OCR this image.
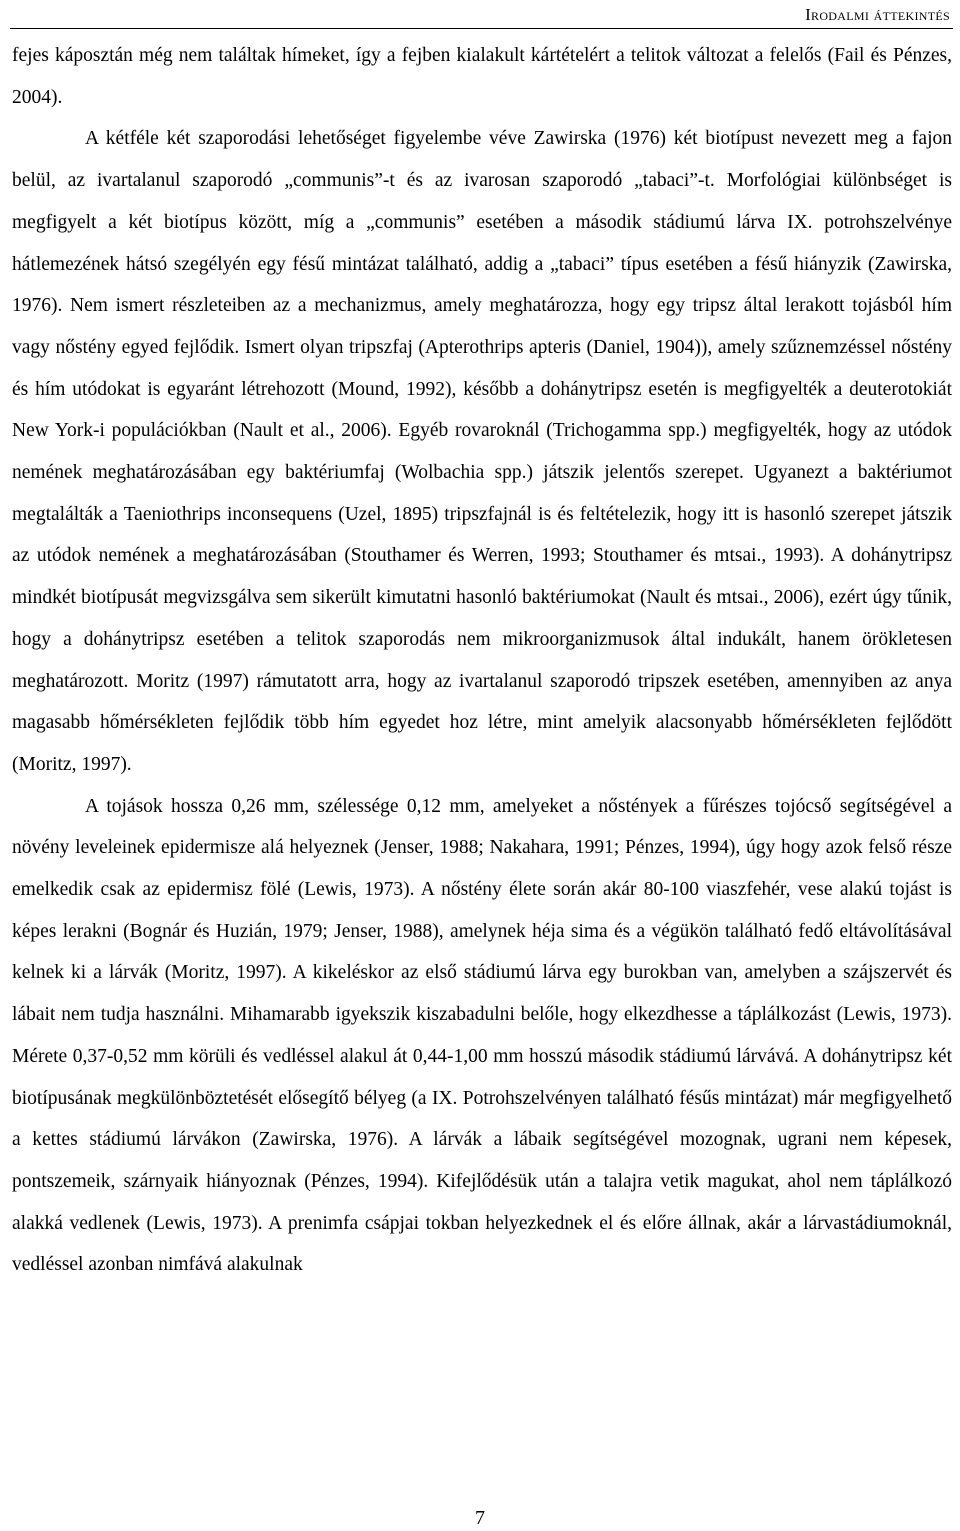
Irodalmi áttekintés

fejes káposztán még nem találtak hímeket, így a fejben kialakult kártételért a telitok változat a felelős (Fail és Pénzes, 2004).

A kétféle két szaporodási lehetőséget figyelembe véve Zawirska (1976) két biotípust nevezett meg a fajon belül, az ivartalanul szaporodó „communis”-t és az ivarosan szaporodó „tabaci”-t. Morfológiai különbséget is megfigyelt a két biotípus között, míg a „communis” esetében a második stádiumú lárva IX. potrohszelvénye hátlemezének hátsó szegélyén egy fésű mintázat található, addig a „tabaci” típus esetében a fésű hiányzik (Zawirska, 1976). Nem ismert részleteiben az a mechanizmus, amely meghatározza, hogy egy tripsz által lerakott tojásból hím vagy nőstény egyed fejlődik. Ismert olyan tripszfaj (Apterothrips apteris (Daniel, 1904)), amely szűznemzéssel nőstény és hím utódokat is egyaránt létrehozott (Mound, 1992), később a dohánytripsz esetén is megfigyelték a deuterotokiát New York-i populációkban (Nault et al., 2006). Egyéb rovaroknál (Trichogamma spp.) megfigyelték, hogy az utódok nemének meghatározásában egy baktériumfaj (Wolbachia spp.) játszik jelentős szerepet. Ugyanezt a baktériumot megtalálták a Taeniothrips inconsequens (Uzel, 1895) tripszfajnál is és feltételezik, hogy itt is hasonló szerepet játszik az utódok nemének a meghatározásában (Stouthamer és Werren, 1993; Stouthamer és mtsai., 1993). A dohánytripsz mindkét biotípusát megvizsgálva sem sikerült kimutatni hasonló baktériumokat (Nault és mtsai., 2006), ezért úgy tűnik, hogy a dohánytripsz esetében a telitok szaporodás nem mikroorganizmusok által indukált, hanem örökletesen meghatározott. Moritz (1997) rámutatott arra, hogy az ivartalanul szaporodó tripszek esetében, amennyiben az anya magasabb hőmérsékleten fejlődik több hím egyedet hoz létre, mint amelyik alacsonyabb hőmérsékleten fejlődött (Moritz, 1997).

A tojások hossza 0,26 mm, szélessége 0,12 mm, amelyeket a nőstények a fűrészes tojócső segítségével a növény leveleinek epidermisze alá helyeznek (Jenser, 1988; Nakahara, 1991; Pénzes, 1994), úgy hogy azok felső része emelkedik csak az epidermisz fölé (Lewis, 1973). A nőstény élete során akár 80-100 viaszfehér, vese alakú tojást is képes lerakni (Bognár és Huzián, 1979; Jenser, 1988), amelynek héja sima és a végükön található fedő eltávolításával kelnek ki a lárvák (Moritz, 1997). A kikeléskor az első stádiumú lárva egy burokban van, amelyben a szájszervét és lábait nem tudja használni. Mihamarabb igyekszik kiszabadulni belőle, hogy elkezdhesse a táplálkozást (Lewis, 1973). Mérete 0,37-0,52 mm körüli és vedléssel alakul át 0,44-1,00 mm hosszú második stádiumú lárvává. A dohánytripsz két biotípusának megkülönböztetését elősegítő bélyeg (a IX. Potrohszelvényen található fésűs mintázat) már megfigyelhető a kettes stádiumú lárvákon (Zawirska, 1976). A lárvák a lábaik segítségével mozognak, ugrani nem képesek, pontszemeik, szárnyaik hiányoznak (Pénzes, 1994). Kifejlődésük után a talajra vetik magukat, ahol nem táplálkozó alakká vedlenek (Lewis, 1973). A prenimfa csápjai tokban helyezkednek el és előre állnak, akár a lárvastádiumoknál, vedléssel azonban nimfává alakulnak

7
